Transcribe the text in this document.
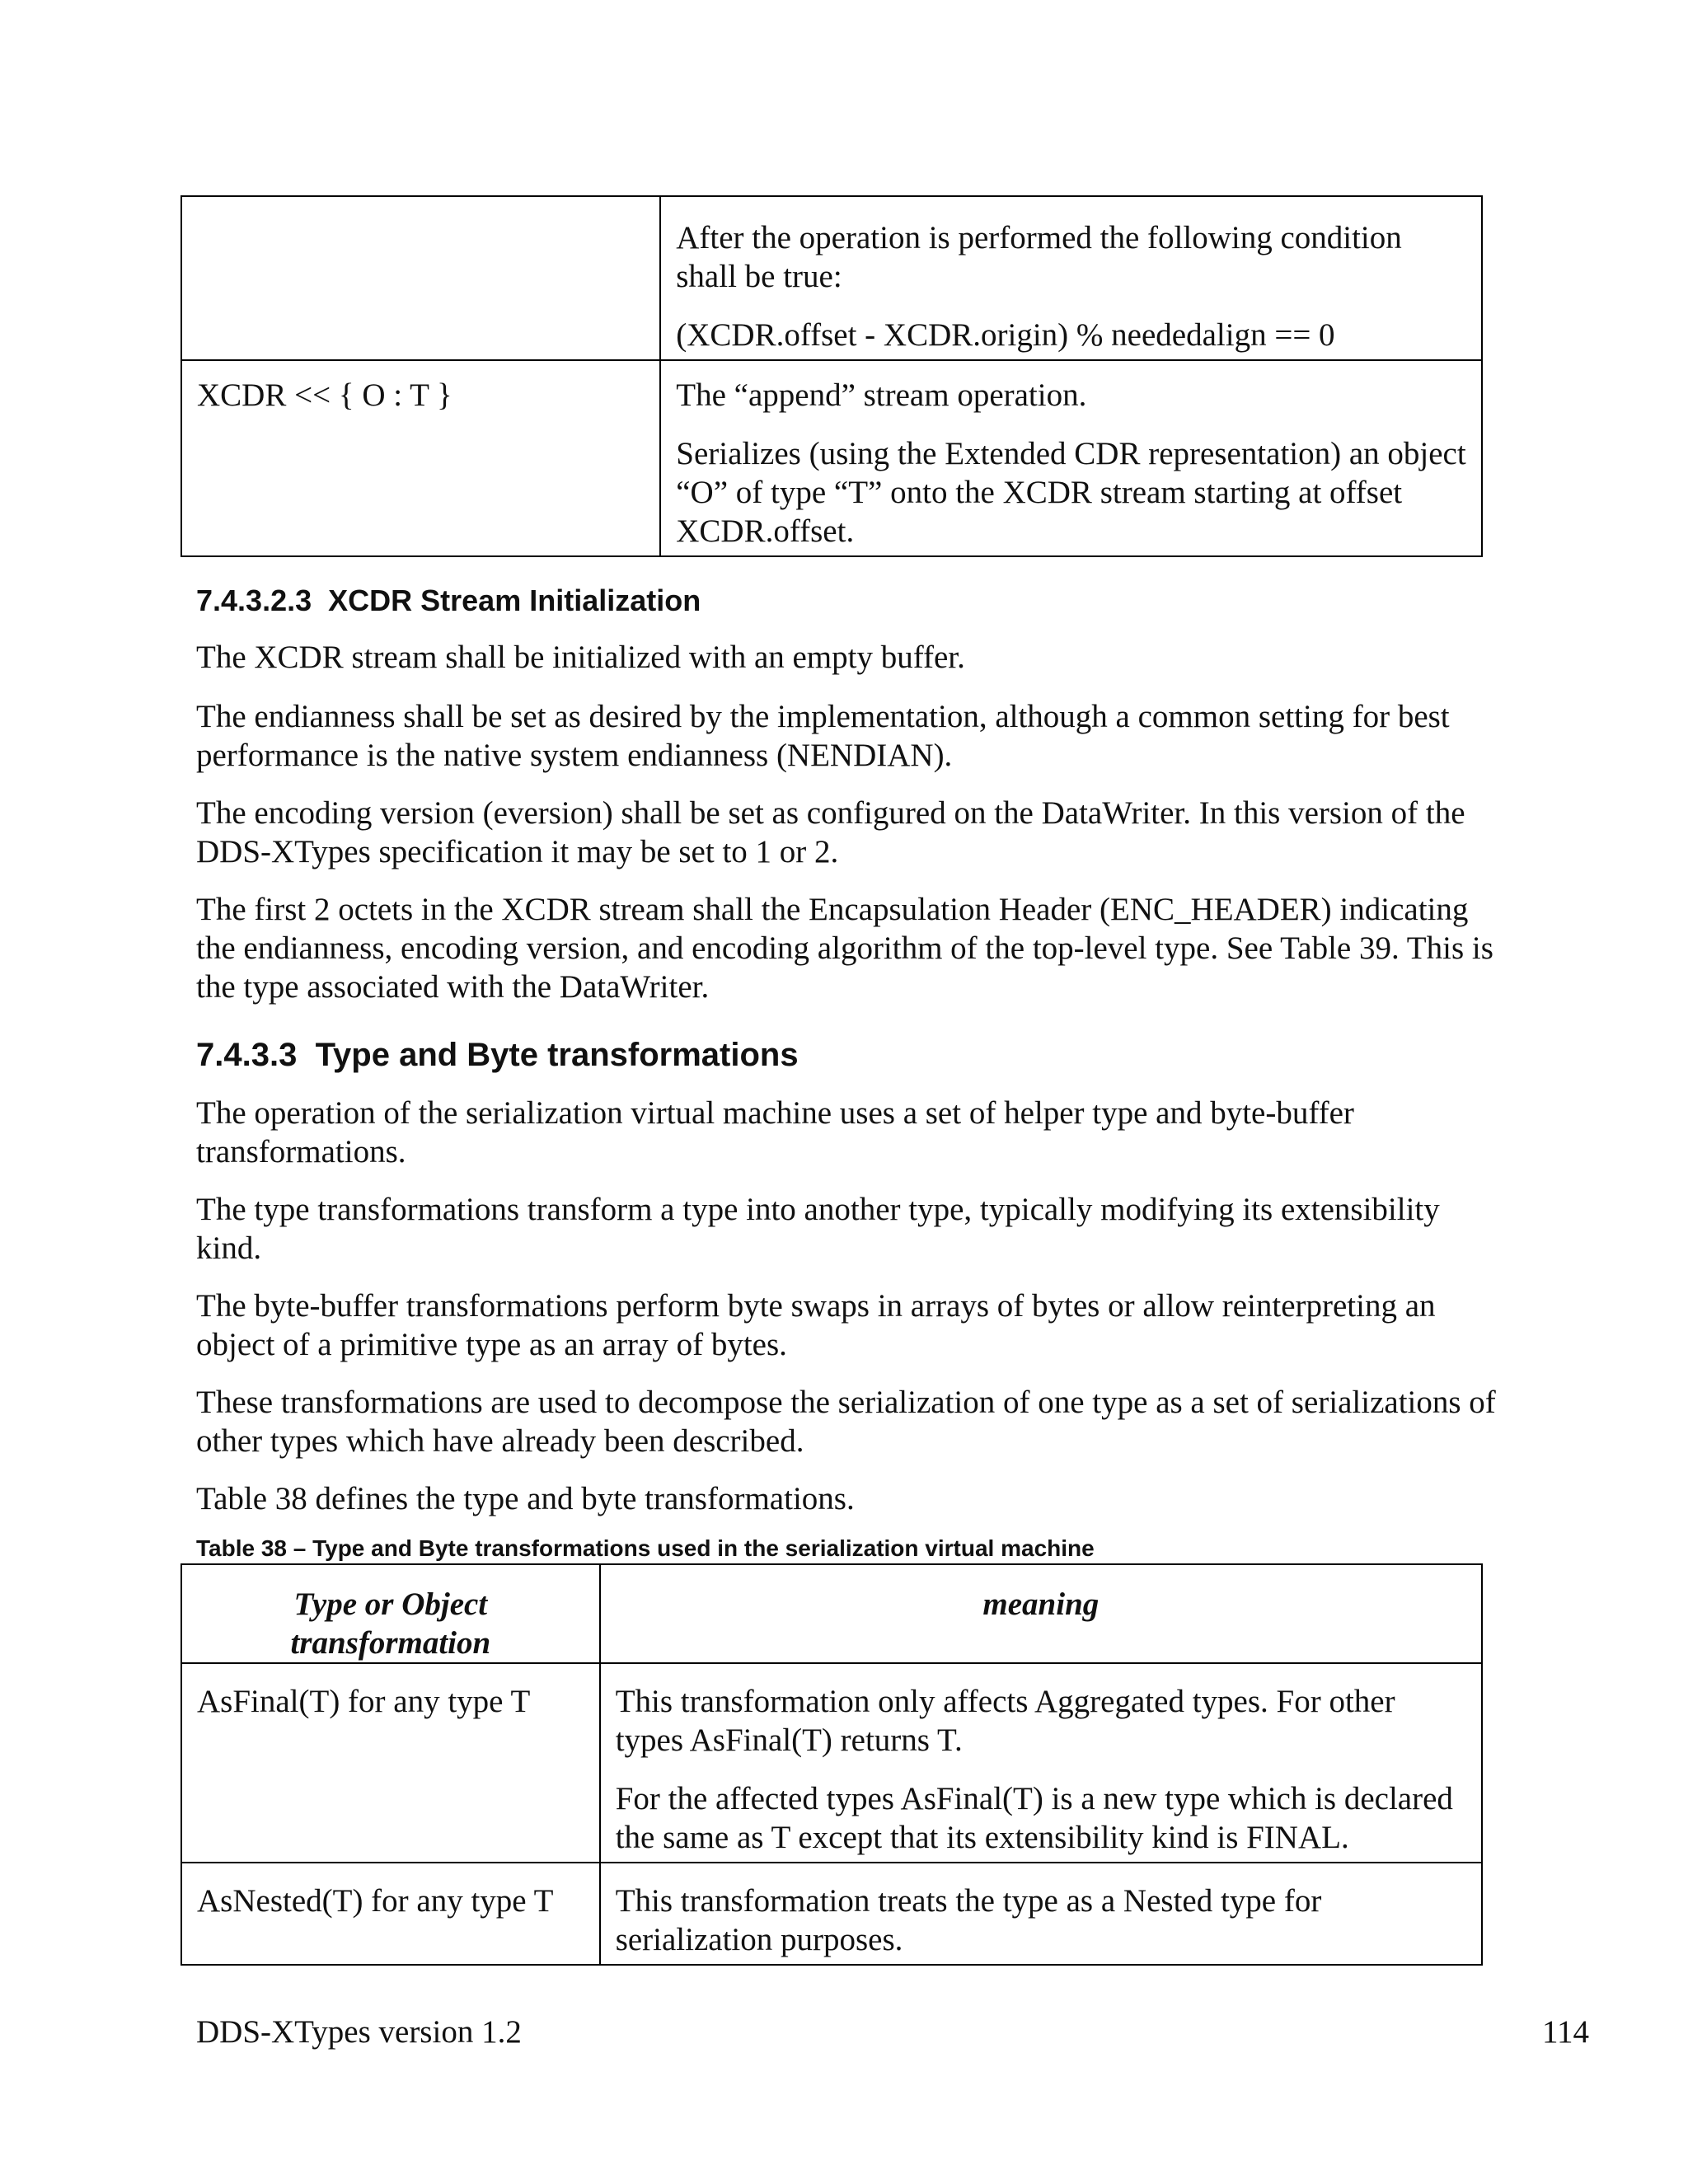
	After the operation is performed the following condition shall be true:

(XCDR.offset - XCDR.origin) % neededalign == 0

XCDR << { O : T }	The “append” stream operation.

Serializes (using the Extended CDR representation) an object “O” of type “T” onto the XCDR stream starting at offset XCDR.offset.

7.4.3.2.3 XCDR Stream Initialization

The XCDR stream shall be initialized with an empty buffer.

The endianness shall be set as desired by the implementation, although a common setting for best performance is the native system endianness (NENDIAN).

The encoding version (eversion) shall be set as configured on the DataWriter. In this version of the DDS-XTypes specification it may be set to 1 or 2.

The first 2 octets in the XCDR stream shall the Encapsulation Header (ENC_HEADER) indicating the endianness, encoding version, and encoding algorithm of the top-level type. See Table 39. This is the type associated with the DataWriter.

7.4.3.3 Type and Byte transformations

The operation of the serialization virtual machine uses a set of helper type and byte-buffer transformations.

The type transformations transform a type into another type, typically modifying its extensibility kind.

The byte-buffer transformations perform byte swaps in arrays of bytes or allow reinterpreting an object of a primitive type as an array of bytes.

These transformations are used to decompose the serialization of one type as a set of serializations of other types which have already been described.

Table 38 defines the type and byte transformations.

Table 38 – Type and Byte transformations used in the serialization virtual machine
Type or Object transformation	meaning

AsFinal(T) for any type T	This transformation only affects Aggregated types. For other types AsFinal(T) returns T.

For the affected types AsFinal(T) is a new type which is declared the same as T except that its extensibility kind is FINAL.

AsNested(T) for any type T	This transformation treats the type as a Nested type for serialization purposes.

DDS-XTypes version 1.2	114
